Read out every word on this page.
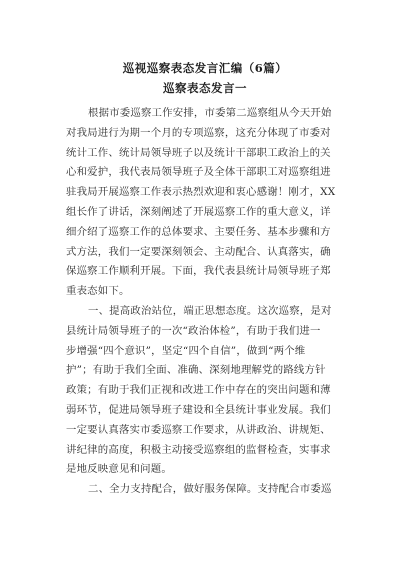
巡视巡察表态发言汇编（6篇）
巡察表态发言一
根据市委巡察工作安排，市委第二巡察组从今天开始
对我局进行为期一个月的专项巡察，这充分体现了市委对
统计工作、统计局领导班子以及统计干部职工政治上的关
心和爱护，我代表局领导班子及全体干部职工对巡察组进
驻我局开展巡察工作表示热烈欢迎和衷心感谢！刚才，XX
组长作了讲话，深刻阐述了开展巡察工作的重大意义，详
细介绍了巡察工作的总体要求、主要任务、基本步骤和方
式方法，我们一定要深刻领会、主动配合、认真落实，确
保巡察工作顺利开展。下面，我代表县统计局领导班子郑
重表态如下。
一、提高政治站位，端正思想态度。这次巡察，是对
县统计局领导班子的一次“政治体检”，有助于我们进一
步增强“四个意识”，坚定“四个自信”，做到“两个维
护”；有助于我们全面、准确、深刻地理解党的路线方针
政策；有助于我们正视和改进工作中存在的突出问题和薄
弱环节，促进局领导班子建设和全县统计事业发展。我们
一定要认真落实市委巡察工作要求，从讲政治、讲规矩、
讲纪律的高度，积极主动接受巡察组的监督检查，实事求
是地反映意见和问题。
二、全力支持配合，做好服务保障。支持配合市委巡
